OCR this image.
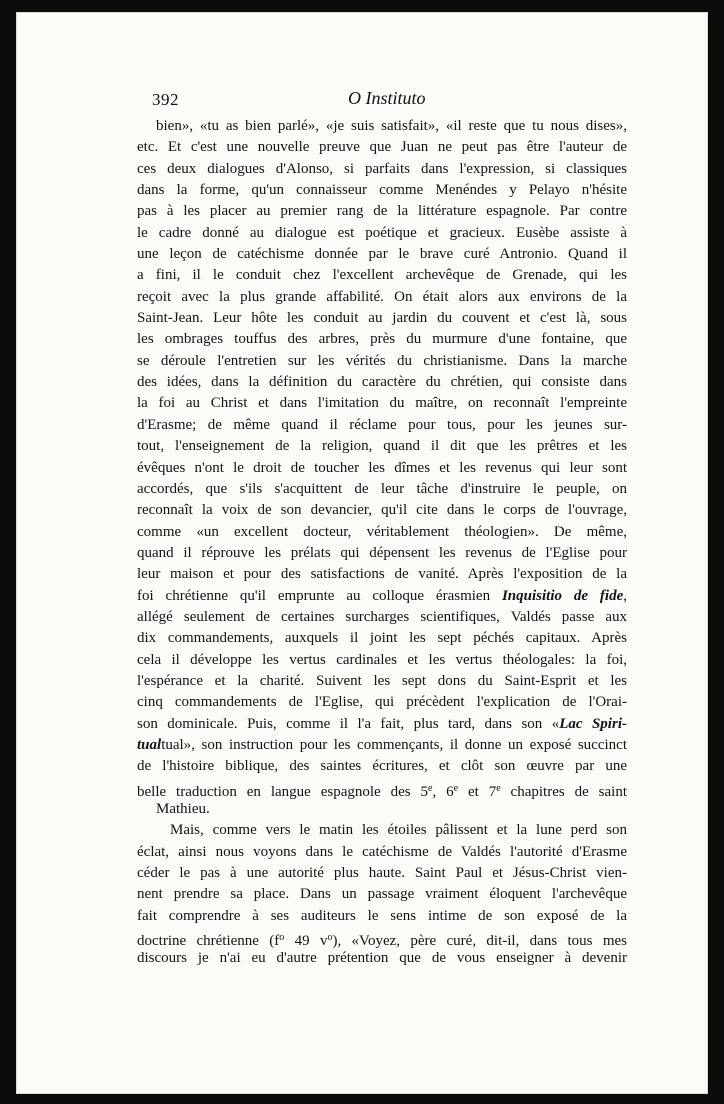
392	O Instituto
bien», «tu as bien parlé», «je suis satisfait», «il reste que tu nous dises»,
etc. Et c'est une nouvelle preuve que Juan ne peut pas être l'auteur de
ces deux dialogues d'Alonso, si parfaits dans l'expression, si classiques
dans la forme, qu'un connaisseur comme Menéndes y Pelayo n'hésite
pas à les placer au premier rang de la littérature espagnole. Par contre
le cadre donné au dialogue est poétique et gracieux. Eusèbe assiste à
une leçon de catéchisme donnée par le brave curé Antronio. Quand il
a fini, il le conduit chez l'excellent archevêque de Grenade, qui les
reçoit avec la plus grande affabilité. On était alors aux environs de la
Saint-Jean. Leur hôte les conduit au jardin du couvent et c'est là, sous
les ombrages touffus des arbres, près du murmure d'une fontaine, que
se déroule l'entretien sur les vérités du christianisme. Dans la marche
des idées, dans la définition du caractère du chrétien, qui consiste dans
la foi au Christ et dans l'imitation du maître, on reconnaît l'empreinte
d'Erasme; de même quand il réclame pour tous, pour les jeunes sur-
tout, l'enseignement de la religion, quand il dit que les prêtres et les
évêques n'ont le droit de toucher les dîmes et les revenus qui leur sont
accordés, que s'ils s'acquittent de leur tâche d'instruire le peuple, on
reconnaît la voix de son devancier, qu'il cite dans le corps de l'ouvrage,
comme «un excellent docteur, véritablement théologien». De même,
quand il réprouve les prélats qui dépensent les revenus de l'Eglise pour
leur maison et pour des satisfactions de vanité. Après l'exposition de la
foi chrétienne qu'il emprunte au colloque érasmien Inquisitio de fide,
allégé seulement de certaines surcharges scientifiques, Valdés passe aux
dix commandements, auxquels il joint les sept péchés capitaux. Après
cela il développe les vertus cardinales et les vertus théologales: la foi,
l'espérance et la charité. Suivent les sept dons du Saint-Esprit et les
cinq commandements de l'Eglise, qui précèdent l'explication de l'Orai-
son dominicale. Puis, comme il l'a fait, plus tard, dans son «Lac Spiri-
tualtual», son instruction pour les commençants, il donne un exposé succinct
de l'histoire biblique, des saintes écritures, et clôt son œuvre par une
belle traduction en langue espagnole des 5e, 6e et 7e chapitres de saint
Mathieu.
Mais, comme vers le matin les étoiles pâlissent et la lune perd son
éclat, ainsi nous voyons dans le catéchisme de Valdés l'autorité d'Erasme
céder le pas à une autorité plus haute. Saint Paul et Jésus-Christ vien-
nent prendre sa place. Dans un passage vraiment éloquent l'archevêque
fait comprendre à ses auditeurs le sens intime de son exposé de la
doctrine chrétienne ($f^o$ 49 $v^o$), «Voyez, père curé, dit-il, dans tous mes
discours je n'ai eu d'autre prétention que de vous enseigner à devenir
